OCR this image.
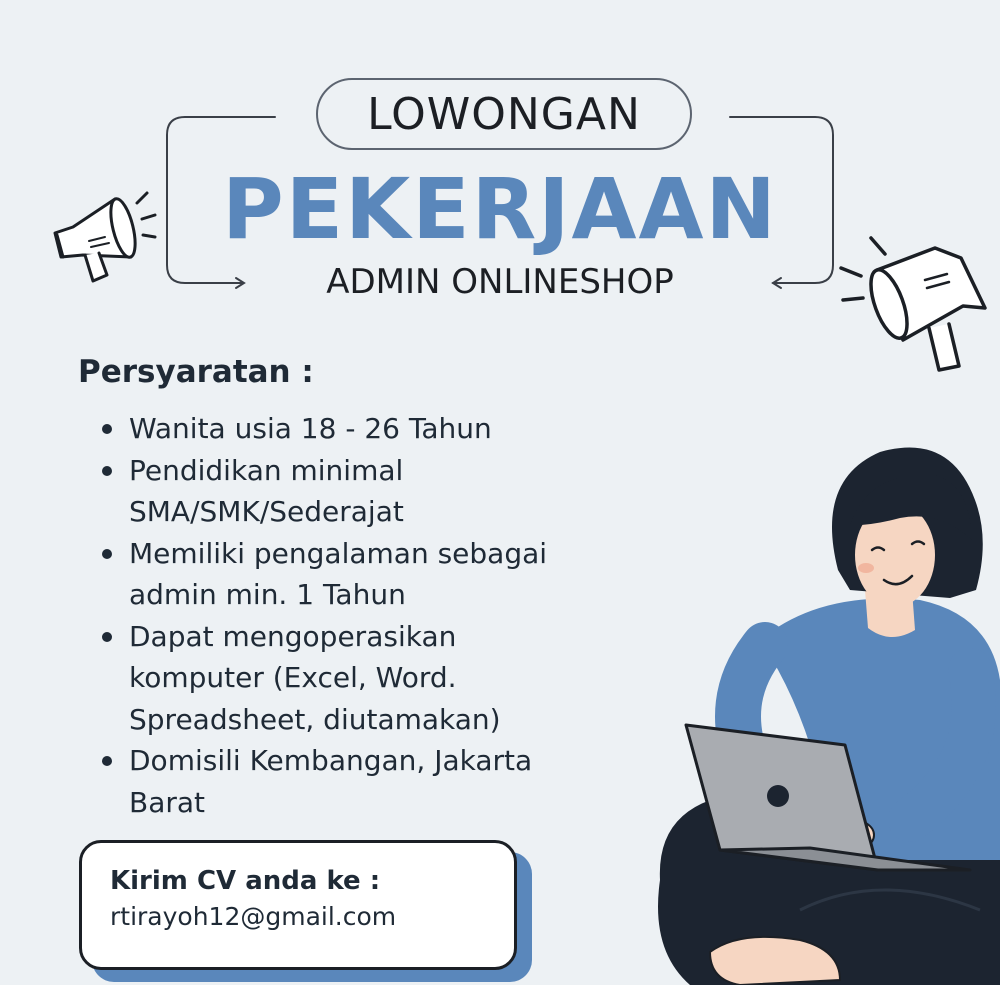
LOWONGAN
PEKERJAAN
ADMIN ONLINESHOP
Persyaratan :
Wanita usia 18 - 26 Tahun
Pendidikan minimal
SMA/SMK/Sederajat
Memiliki pengalaman sebagai
admin min. 1 Tahun
Dapat mengoperasikan
komputer (Excel, Word.
Spreadsheet, diutamakan)
Domisili Kembangan, Jakarta
Barat
Kirim CV anda ke :
rtirayoh12@gmail.com
